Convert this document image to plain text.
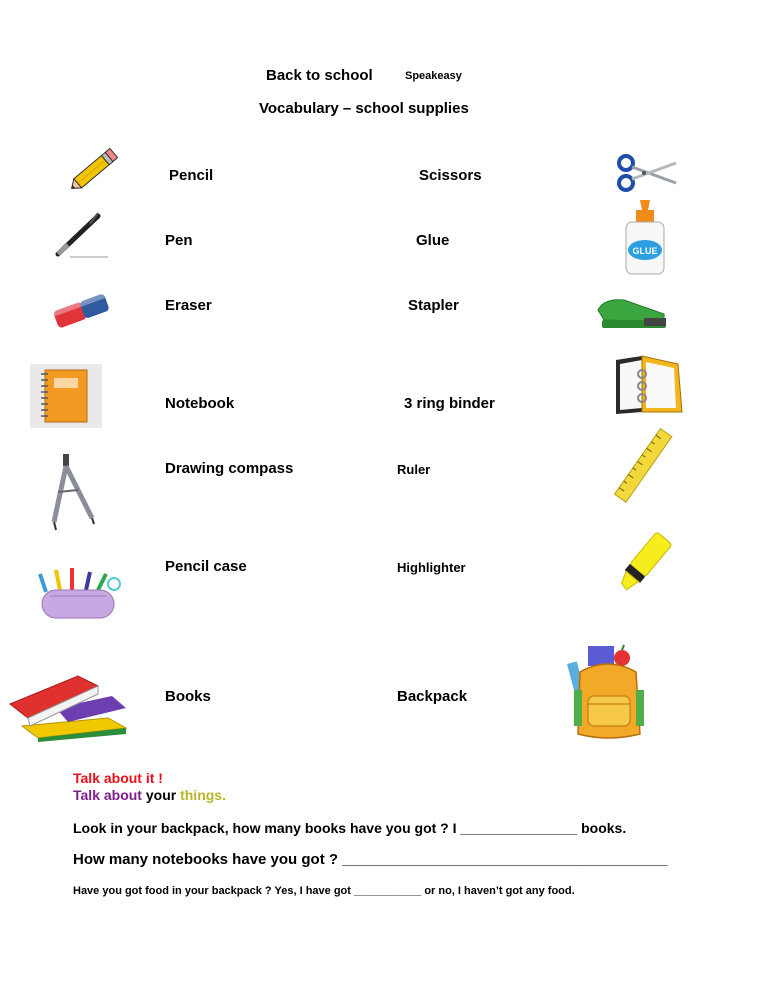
Back to school	Speakeasy
Vocabulary – school supplies
Pencil
Pen
Eraser
Notebook
Drawing compass
Pencil case
Books
Scissors
Glue
Stapler
3 ring binder
Ruler
Highlighter
Backpack
GLUE
Talk about it !
Talk about your things.
Look in your backpack, how many books have you got ? I _______________ books.
How many notebooks have you got ? _______________________________________
Have you got food in your backpack ? Yes, I have got ___________ or no, I haven’t got any food.
